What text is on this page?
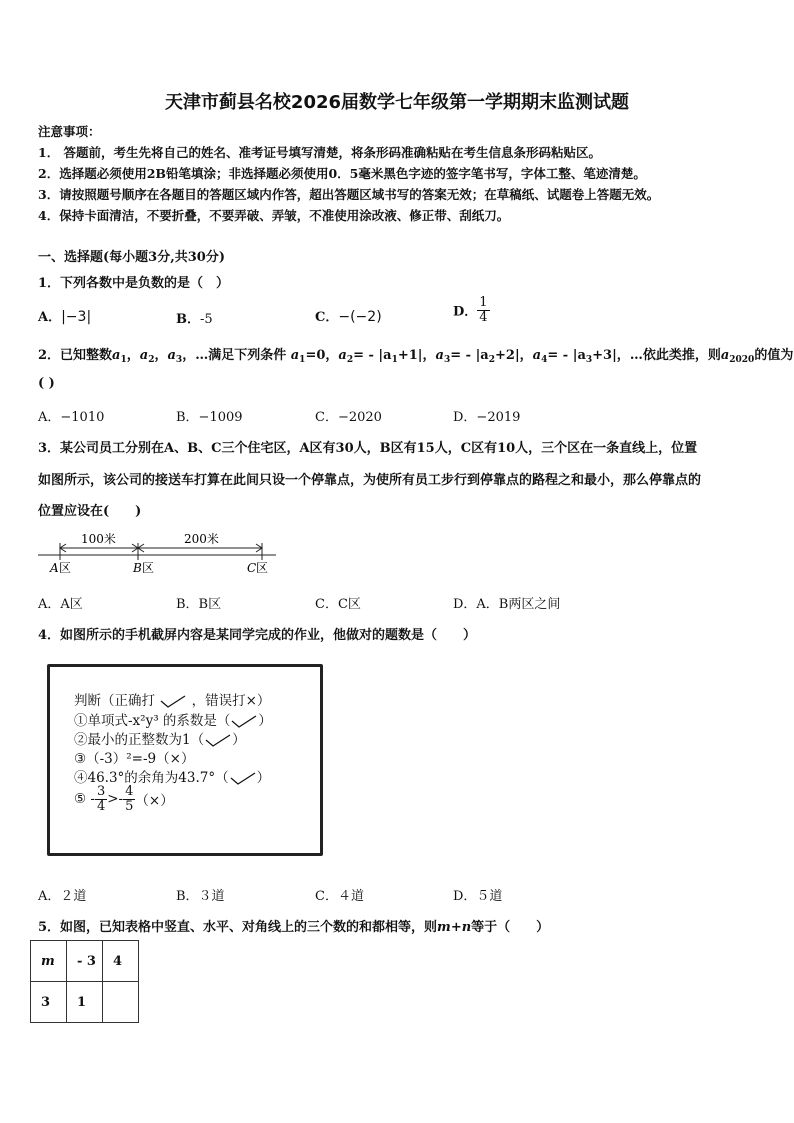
天津市蓟县名校2026届数学七年级第一学期期末监测试题
注意事项：
1． 答题前，考生先将自己的姓名、准考证号填写清楚，将条形码准确粘贴在考生信息条形码粘贴区。
2．选择题必须使用2B铅笔填涂；非选择题必须使用0．5毫米黑色字迹的签字笔书写，字体工整、笔迹清楚。
3．请按照题号顺序在各题目的答题区域内作答，超出答题区域书写的答案无效；在草稿纸、试题卷上答题无效。
4．保持卡面清洁，不要折叠，不要弄破、弄皱，不准使用涂改液、修正带、刮纸刀。
一、选择题(每小题3分,共30分)
1．下列各数中是负数的是（　）
A．|−3|	B．-5	C．−(−2)	D． $\frac{1}{4}$
2．已知整数$a_1$，$a_2$，$a_3$，…满足下列条件 $a_1=0$，$a_2= - |a_1+1|$，$a_3= - |a_2+2|$，$a_4= - |a_3+3|$，…依此类推，则$a_{2020}$的值为
( )
A．−1010	B．−1009	C．−2020	D．−2019
3．某公司员工分别在A、B、C三个住宅区，A区有30人，B区有15人，C区有10人，三个区在一条直线上，位置
如图所示，该公司的接送车打算在此间只设一个停靠点，为使所有员工步行到停靠点的路程之和最小，那么停靠点的
位置应设在(　　)
100米	200米
A 区	B 区	C 区
A．A区	B．B区	C．C区	D．A．B两区之间
4．如图所示的手机截屏内容是某同学完成的作业，他做对的题数是（　　）
判断（正确打	，错误打×）
①单项式-x²y³ 的系数是（ ）
②最小的正整数为1（ ）
③（-3）²=-9（×）
④46.3°的余角为43.7°（ ）
⑤ - $\frac{3}{4} >- \frac{4}{5}$ （×）
A．２道	B．３道	C．４道	D．５道
5．如图，已知表格中竖直、水平、对角线上的三个数的和都相等，则m+n等于（　　）
m	- 3	4
3	1	
